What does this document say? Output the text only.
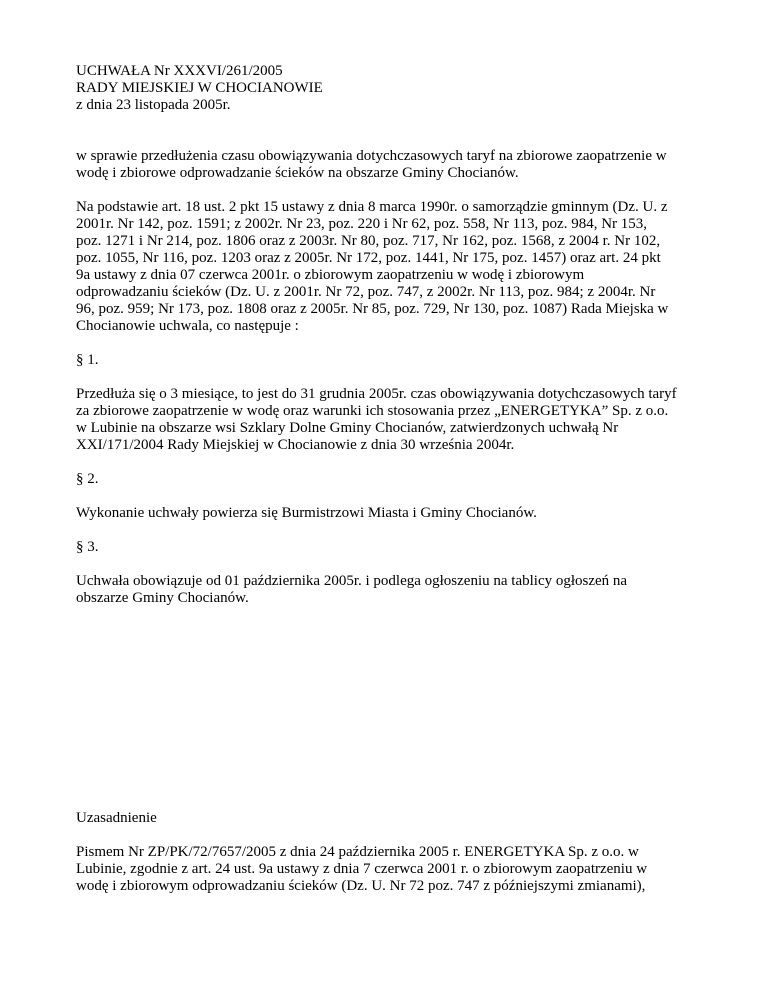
UCHWAŁA Nr XXXVI/261/2005
RADY MIEJSKIEJ W CHOCIANOWIE
z dnia 23 listopada 2005r.
w sprawie przedłużenia czasu obowiązywania dotychczasowych taryf na zbiorowe zaopatrzenie w
wodę i zbiorowe odprowadzanie ścieków na obszarze Gminy Chocianów.
Na podstawie art. 18 ust. 2 pkt 15 ustawy z dnia 8 marca 1990r. o samorządzie gminnym (Dz. U. z
2001r. Nr 142, poz. 1591; z 2002r. Nr 23, poz. 220 i Nr 62, poz. 558, Nr 113, poz. 984, Nr 153,
poz. 1271 i Nr 214, poz. 1806 oraz z 2003r. Nr 80, poz. 717, Nr 162, poz. 1568, z 2004 r. Nr 102,
poz. 1055, Nr 116, poz. 1203 oraz z 2005r. Nr 172, poz. 1441, Nr 175, poz. 1457) oraz art. 24 pkt
9a ustawy z dnia 07 czerwca 2001r. o zbiorowym zaopatrzeniu w wodę i zbiorowym
odprowadzaniu ścieków (Dz. U. z 2001r. Nr 72, poz. 747, z 2002r. Nr 113, poz. 984; z 2004r. Nr
96, poz. 959; Nr 173, poz. 1808 oraz z 2005r. Nr 85, poz. 729, Nr 130, poz. 1087) Rada Miejska w
Chocianowie uchwala, co następuje :
§ 1.
Przedłuża się o 3 miesiące, to jest do 31 grudnia 2005r. czas obowiązywania dotychczasowych taryf
za zbiorowe zaopatrzenie w wodę oraz warunki ich stosowania przez „ENERGETYKA” Sp. z o.o.
w Lubinie na obszarze wsi Szklary Dolne Gminy Chocianów, zatwierdzonych uchwałą Nr
XXI/171/2004 Rady Miejskiej w Chocianowie z dnia 30 września 2004r.
§ 2.
Wykonanie uchwały powierza się Burmistrzowi Miasta i Gminy Chocianów.
§ 3.
Uchwała obowiązuje od 01 października 2005r. i podlega ogłoszeniu na tablicy ogłoszeń na
obszarze Gminy Chocianów.
Uzasadnienie
Pismem Nr ZP/PK/72/7657/2005 z dnia 24 października 2005 r. ENERGETYKA Sp. z o.o. w
Lubinie, zgodnie z art. 24 ust. 9a ustawy z dnia 7 czerwca 2001 r. o zbiorowym zaopatrzeniu w
wodę i zbiorowym odprowadzaniu ścieków (Dz. U. Nr 72 poz. 747 z późniejszymi zmianami),
